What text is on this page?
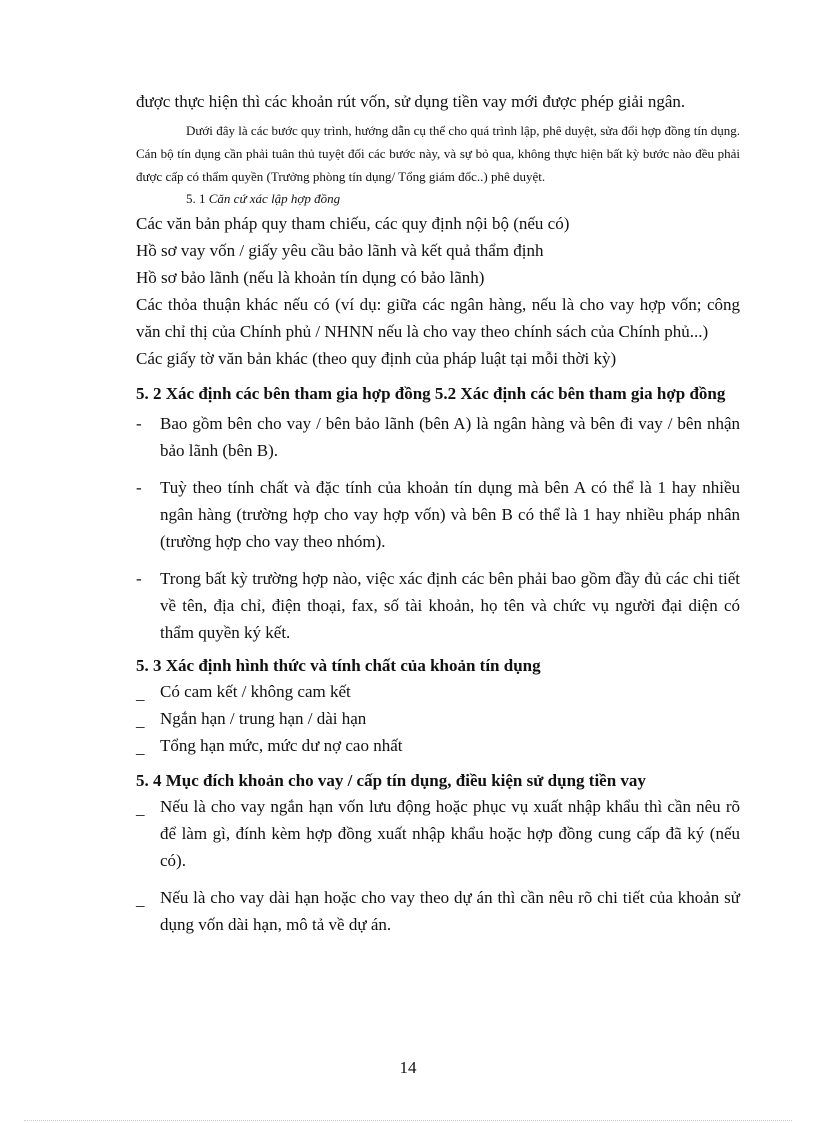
được thực hiện thì các khoản rút vốn, sử dụng tiền vay mới được phép giải ngân.

Dưới đây là các bước quy trình, hướng dẫn cụ thể cho quá trình lập, phê duyệt, sửa đổi hợp đồng tín dụng. Cán bộ tín dụng cần phải tuân thủ tuyệt đối các bước này, và sự bỏ qua, không thực hiện bất kỳ bước nào đều phải được cấp có thẩm quyền (Trưởng phòng tín dụng/ Tổng giám đốc..) phê duyệt.

5. 1 Căn cứ xác lập hợp đồng

Các văn bản pháp quy tham chiếu, các quy định nội bộ (nếu có)

Hồ sơ vay vốn / giấy yêu cầu bảo lãnh và kết quả thẩm định

Hồ sơ bảo lãnh (nếu là khoản tín dụng có bảo lãnh)

Các thỏa thuận khác nếu có (ví dụ: giữa các ngân hàng, nếu là cho vay hợp vốn; công văn chỉ thị của Chính phủ / NHNN nếu là cho vay theo chính sách của Chính phủ...)

Các giấy tờ văn bản khác (theo quy định của pháp luật tại mỗi thời kỳ)

5. 2 Xác định các bên tham gia hợp đồng 5.2 Xác định các bên tham gia hợp đồng

- Bao gồm bên cho vay / bên bảo lãnh (bên A) là ngân hàng và bên đi vay / bên nhận bảo lãnh (bên B).
- Tuỳ theo tính chất và đặc tính của khoản tín dụng mà bên A có thể là 1 hay nhiều ngân hàng (trường hợp cho vay hợp vốn) và bên B có thể là 1 hay nhiều pháp nhân (trường hợp cho vay theo nhóm).
- Trong bất kỳ trường hợp nào, việc xác định các bên phải bao gồm đầy đủ các chi tiết về tên, địa chỉ, điện thoại, fax, số tài khoản, họ tên và chức vụ người đại diện có thẩm quyền ký kết.

5. 3 Xác định hình thức và tính chất của khoản tín dụng

_ Có cam kết / không cam kết
_ Ngắn hạn / trung hạn / dài hạn
_ Tổng hạn mức, mức dư nợ cao nhất

5. 4 Mục đích khoản cho vay / cấp tín dụng, điều kiện sử dụng tiền vay

_ Nếu là cho vay ngắn hạn vốn lưu động hoặc phục vụ xuất nhập khẩu thì cần nêu rõ để làm gì, đính kèm hợp đồng xuất nhập khẩu hoặc hợp đồng cung cấp đã ký (nếu có).
_ Nếu là cho vay dài hạn hoặc cho vay theo dự án thì cần nêu rõ chi tiết của khoản sử dụng vốn dài hạn, mô tả về dự án.
14
